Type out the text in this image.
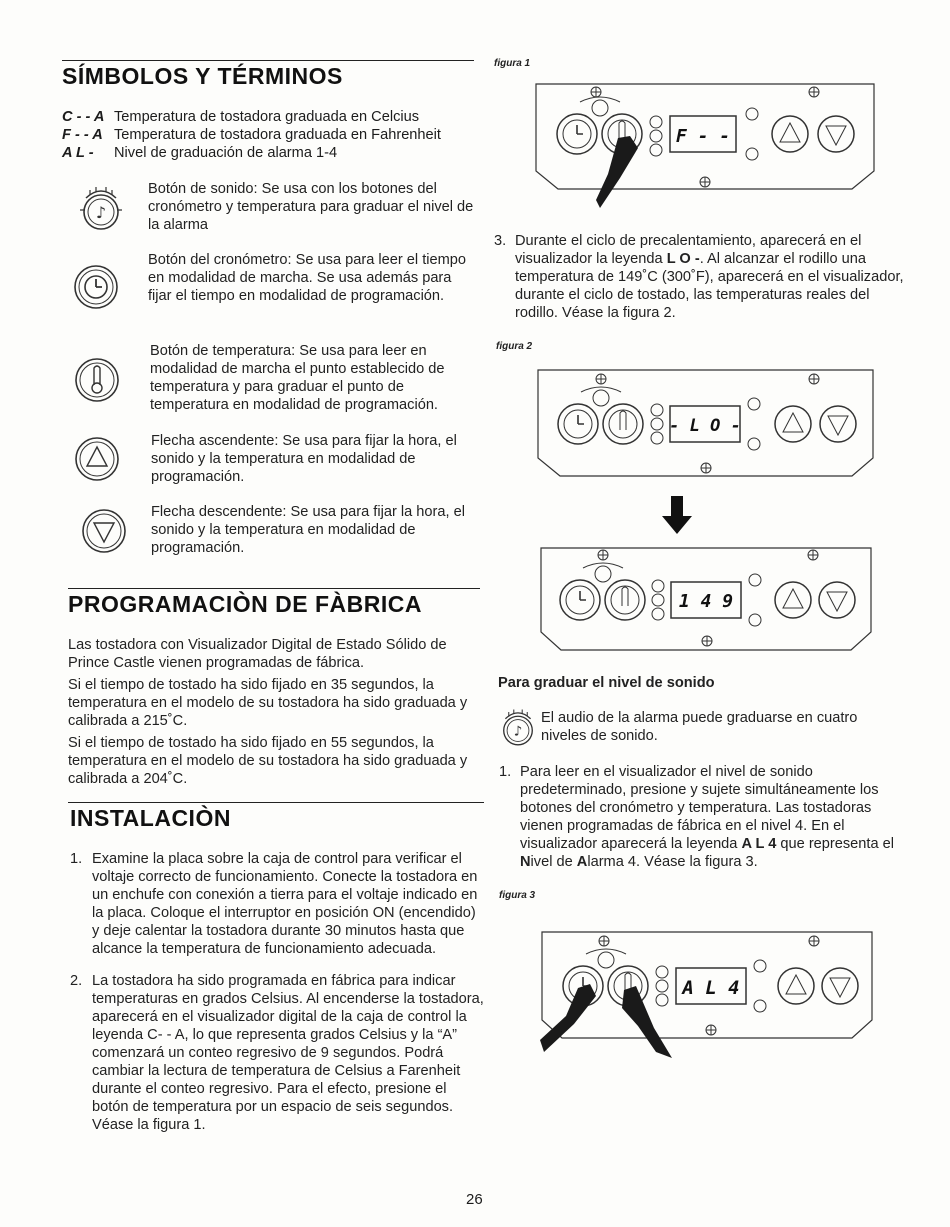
SÍMBOLOS Y TÉRMINOS
C - - A Temperatura de tostadora graduada en Celcius
F - - A Temperatura de tostadora graduada en Fahrenheit
A L -	Nivel de graduación de alarma 1-4
♪
Botón de sonido: Se usa con los botones del cronómetro y temperatura para graduar el nivel de la alarma
Botón del cronómetro: Se usa para leer el tiempo en modalidad de marcha. Se usa además para fijar el tiempo en modalidad de programación.
Botón de temperatura: Se usa para leer en modalidad de marcha el punto establecido de temperatura y para graduar el punto de temperatura en modalidad de programación.
Flecha ascendente: Se usa para fijar la hora, el sonido y la temperatura en modalidad de programación.
Flecha descendente: Se usa para fijar la hora, el sonido y la temperatura en modalidad de programación.
PROGRAMACIÒN DE FÀBRICA
Las tostadora con Visualizador Digital de Estado Sólido de Prince Castle vienen programadas de fábrica.
Si el tiempo de tostado ha sido fijado en 35 segundos, la temperatura en el modelo de su tostadora ha sido graduada y calibrada a 215˚C.
Si el tiempo de tostado ha sido fijado en 55 segundos, la temperatura en el modelo de su tostadora ha sido graduada y calibrada a 204˚C.
INSTALACIÒN
1. Examine la placa sobre la caja de control para verificar el voltaje correcto de funcionamiento. Conecte la tostadora en un enchufe con conexión a tierra para el voltaje indicado en la placa. Coloque el interruptor en posición ON (encendido) y deje calentar la tostadora durante 30 minutos hasta que alcance la temperatura de funcionamiento adecuada.
2. La tostadora ha sido programada en fábrica para indicar temperaturas en grados Celsius. Al encenderse la tostadora, aparecerá en el visualizador digital de la caja de control la leyenda C- - A, lo que representa grados Celsius y la “A” comenzará un conteo regresivo de 9 segundos. Podrá cambiar la lectura de temperatura de Celsius a Farenheit durante el conteo regresivo. Para el efecto, presione el botón de temperatura por un espacio de seis segundos. Véase la figura 1.
figura 1
F - -
3. Durante el ciclo de precalentamiento, aparecerá en el visualizador la leyenda L O -. Al alcanzar el rodillo una temperatura de 149˚C (300˚F), aparecerá en el visualizador, durante el ciclo de tostado, las temperaturas reales del rodillo. Véase la figura 2.
figura 2
- L O -
1 4 9
Para graduar el nivel de sonido
♪
El audio de la alarma puede graduarse en cuatro niveles de sonido.
1. Para leer en el visualizador el nivel de sonido predeterminado, presione y sujete simultáneamente los botones del cronómetro y temperatura. Las tostadoras vienen programadas de fábrica en el nivel 4. En el visualizador aparecerá la leyenda A L 4 que representa el Nivel de Alarma 4. Véase la figura 3.
figura 3
A L 4
26
